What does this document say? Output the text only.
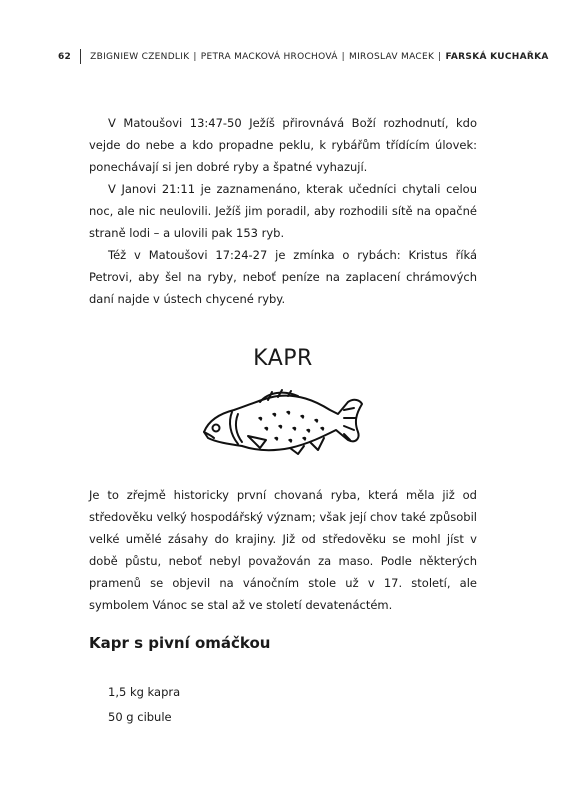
62 ZBIGNIEW CZENDLIK | PETRA MACKOVÁ HROCHOVÁ | MIROSLAV MACEK | FARSKÁ KUCHAŘKA

V Matoušovi 13:47-50 Ježíš přirovnává Boží rozhodnutí, kdo vejde do nebe a kdo propadne peklu, k rybářům třídícím úlovek: ponechávají si jen dobré ryby a špatné vyhazují.

V Janovi 21:11 je zaznamenáno, kterak učedníci chytali celou noc, ale nic neulovili. Ježíš jim poradil, aby rozhodili sítě na opačné straně lodi – a ulovili pak 153 ryb.

Též v Matoušovi 17:24-27 je zmínka o rybách: Kristus říká Petrovi, aby šel na ryby, neboť peníze na zaplacení chrámových daní najde v ústech chycené ryby.

KAPR

Je to zřejmě historicky první chovaná ryba, která měla již od středověku velký hospodářský význam; však její chov také způsobil velké umělé zásahy do krajiny. Již od středověku se mohl jíst v době půstu, neboť nebyl považován za maso. Podle některých pramenů se objevil na vánočním stole už v 17. století, ale symbolem Vánoc se stal až ve století devatenáctém.

Kapr s pivní omáčkou
1,5 kg kapra
50 g cibule
